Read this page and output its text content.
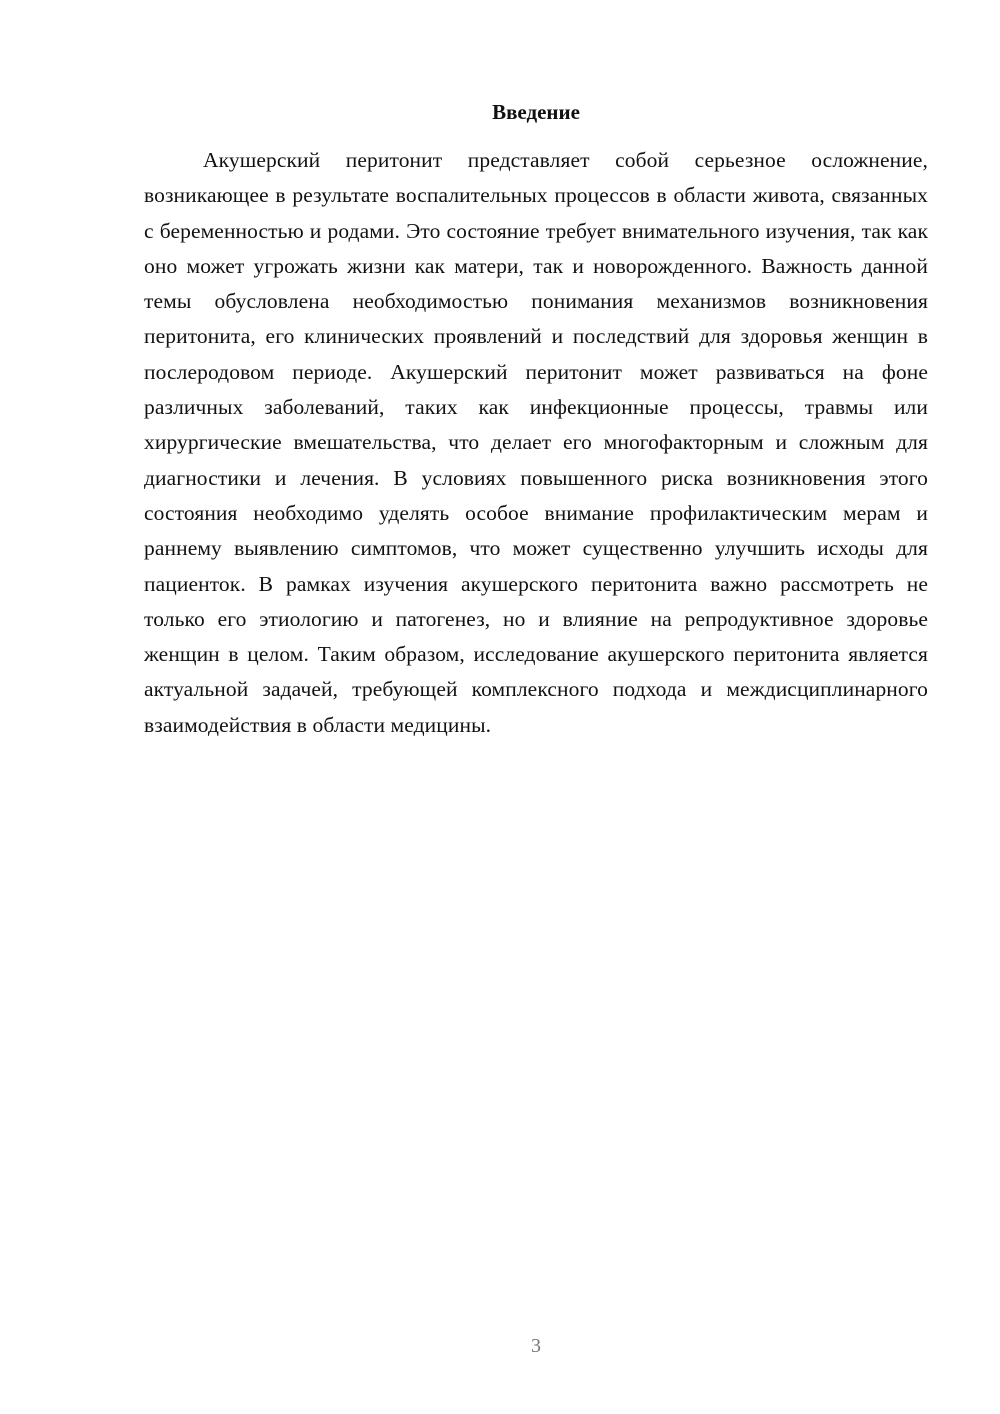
Введение

Акушерский перитонит представляет собой серьезное осложнение, возникающее в результате воспалительных процессов в области живота, связанных с беременностью и родами. Это состояние требует внимательного изучения, так как оно может угрожать жизни как матери, так и новорожденного. Важность данной темы обусловлена необходимостью понимания механизмов возникновения перитонита, его клинических проявлений и последствий для здоровья женщин в послеродовом периоде. Акушерский перитонит может развиваться на фоне различных заболеваний, таких как инфекционные процессы, травмы или хирургические вмешательства, что делает его многофакторным и сложным для диагностики и лечения. В условиях повышенного риска возникновения этого состояния необходимо уделять особое внимание профилактическим мерам и раннему выявлению симптомов, что может существенно улучшить исходы для пациенток. В рамках изучения акушерского перитонита важно рассмотреть не только его этиологию и патогенез, но и влияние на репродуктивное здоровье женщин в целом. Таким образом, исследование акушерского перитонита является актуальной задачей, требующей комплексного подхода и междисциплинарного взаимодействия в области медицины.

3
